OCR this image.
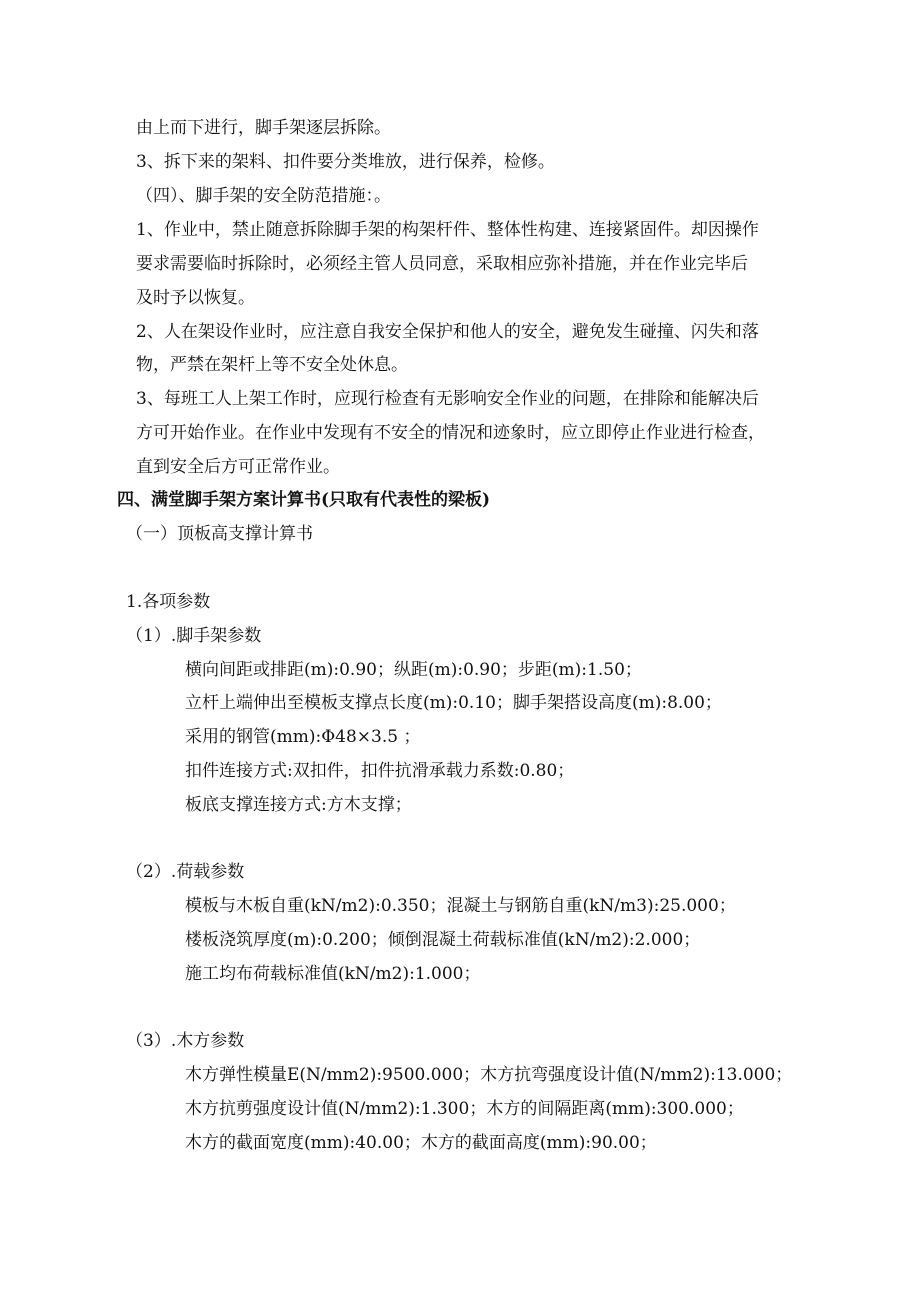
由上而下进行，脚手架逐层拆除。
3、拆下来的架料、扣件要分类堆放，进行保养，检修。
（四）、脚手架的安全防范措施：。
1、作业中，禁止随意拆除脚手架的构架杆件、整体性构建、连接紧固件。却因操作
要求需要临时拆除时，必须经主管人员同意，采取相应弥补措施，并在作业完毕后
及时予以恢复。
2、人在架设作业时，应注意自我安全保护和他人的安全，避免发生碰撞、闪失和落
物，严禁在架杆上等不安全处休息。
3、每班工人上架工作时，应现行检查有无影响安全作业的问题，在排除和能解决后
方可开始作业。在作业中发现有不安全的情况和迹象时，应立即停止作业进行检查，
直到安全后方可正常作业。
四、满堂脚手架方案计算书(只取有代表性的梁板)
（一）顶板高支撑计算书
1.各项参数
（1）.脚手架参数
横向间距或排距(m):0.90；纵距(m):0.90；步距(m):1.50；
立杆上端伸出至模板支撑点长度(m):0.10；脚手架搭设高度(m):8.00；
采用的钢管(mm):Φ48×3.5 ；
扣件连接方式:双扣件，扣件抗滑承载力系数:0.80；
板底支撑连接方式:方木支撑；
（2）.荷载参数
模板与木板自重(kN/m2):0.350；混凝土与钢筋自重(kN/m3):25.000；
楼板浇筑厚度(m):0.200；倾倒混凝土荷载标准值(kN/m2):2.000；
施工均布荷载标准值(kN/m2):1.000；
（3）.木方参数
木方弹性模量E(N/mm2):9500.000；木方抗弯强度设计值(N/mm2):13.000；
木方抗剪强度设计值(N/mm2):1.300；木方的间隔距离(mm):300.000；
木方的截面宽度(mm):40.00；木方的截面高度(mm):90.00；
